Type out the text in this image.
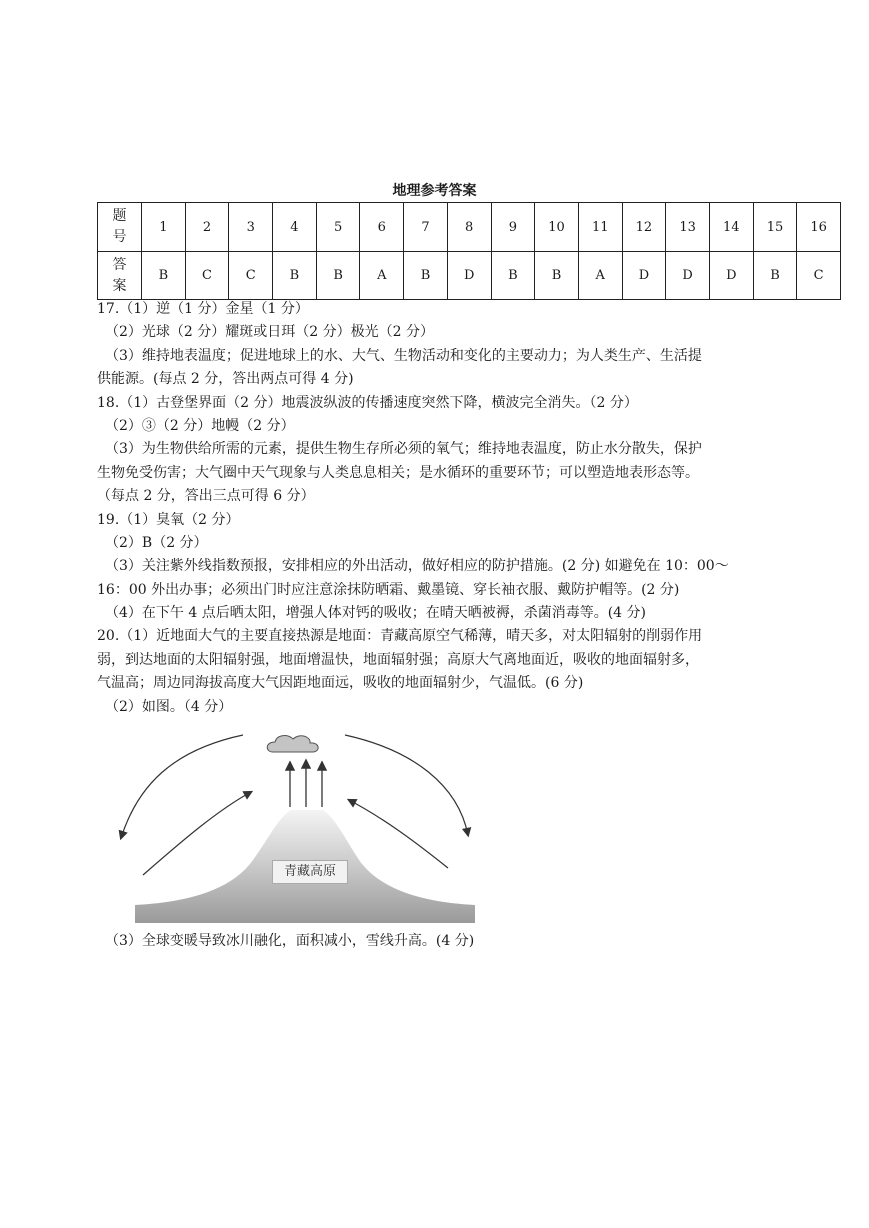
地理参考答案
题
号	1	2	3	4	5	6	7	8	9	10	11	12	13	14	15	16
答
案	B	C	C	B	B	A	B	D	B	B	A	D	D	D	B	C
17.（1）逆（1 分）金星（1 分）
（2）光球（2 分）耀斑或日珥（2 分）极光（2 分）
（3）维持地表温度；促进地球上的水、大气、生物活动和变化的主要动力；为人类生产、生活提
供能源。(每点 2 分，答出两点可得 4 分)
18.（1）古登堡界面（2 分）地震波纵波的传播速度突然下降，横波完全消失。（2 分）
（2）③（2 分）地幔（2 分）
（3）为生物供给所需的元素，提供生物生存所必须的氧气；维持地表温度，防止水分散失，保护
生物免受伤害；大气圈中天气现象与人类息息相关；是水循环的重要环节；可以塑造地表形态等。
（每点 2 分，答出三点可得 6 分）
19.（1）臭氧（2 分）
（2）B（2 分）
（3）关注紫外线指数预报，安排相应的外出活动，做好相应的防护措施。(2 分) 如避免在 10：00～
16：00 外出办事；必须出门时应注意涂抹防晒霜、戴墨镜、穿长袖衣服、戴防护帽等。(2 分)
（4）在下午 4 点后晒太阳，增强人体对钙的吸收；在晴天晒被褥，杀菌消毒等。(4 分)
20.（1）近地面大气的主要直接热源是地面：青藏高原空气稀薄，晴天多，对太阳辐射的削弱作用
弱，到达地面的太阳辐射强，地面增温快，地面辐射强；高原大气离地面近，吸收的地面辐射多，
气温高；周边同海拔高度大气因距地面远，吸收的地面辐射少，气温低。(6 分)
（2）如图。（4 分）
青藏高原
（3）全球变暖导致冰川融化，面积减小，雪线升高。(4 分)
